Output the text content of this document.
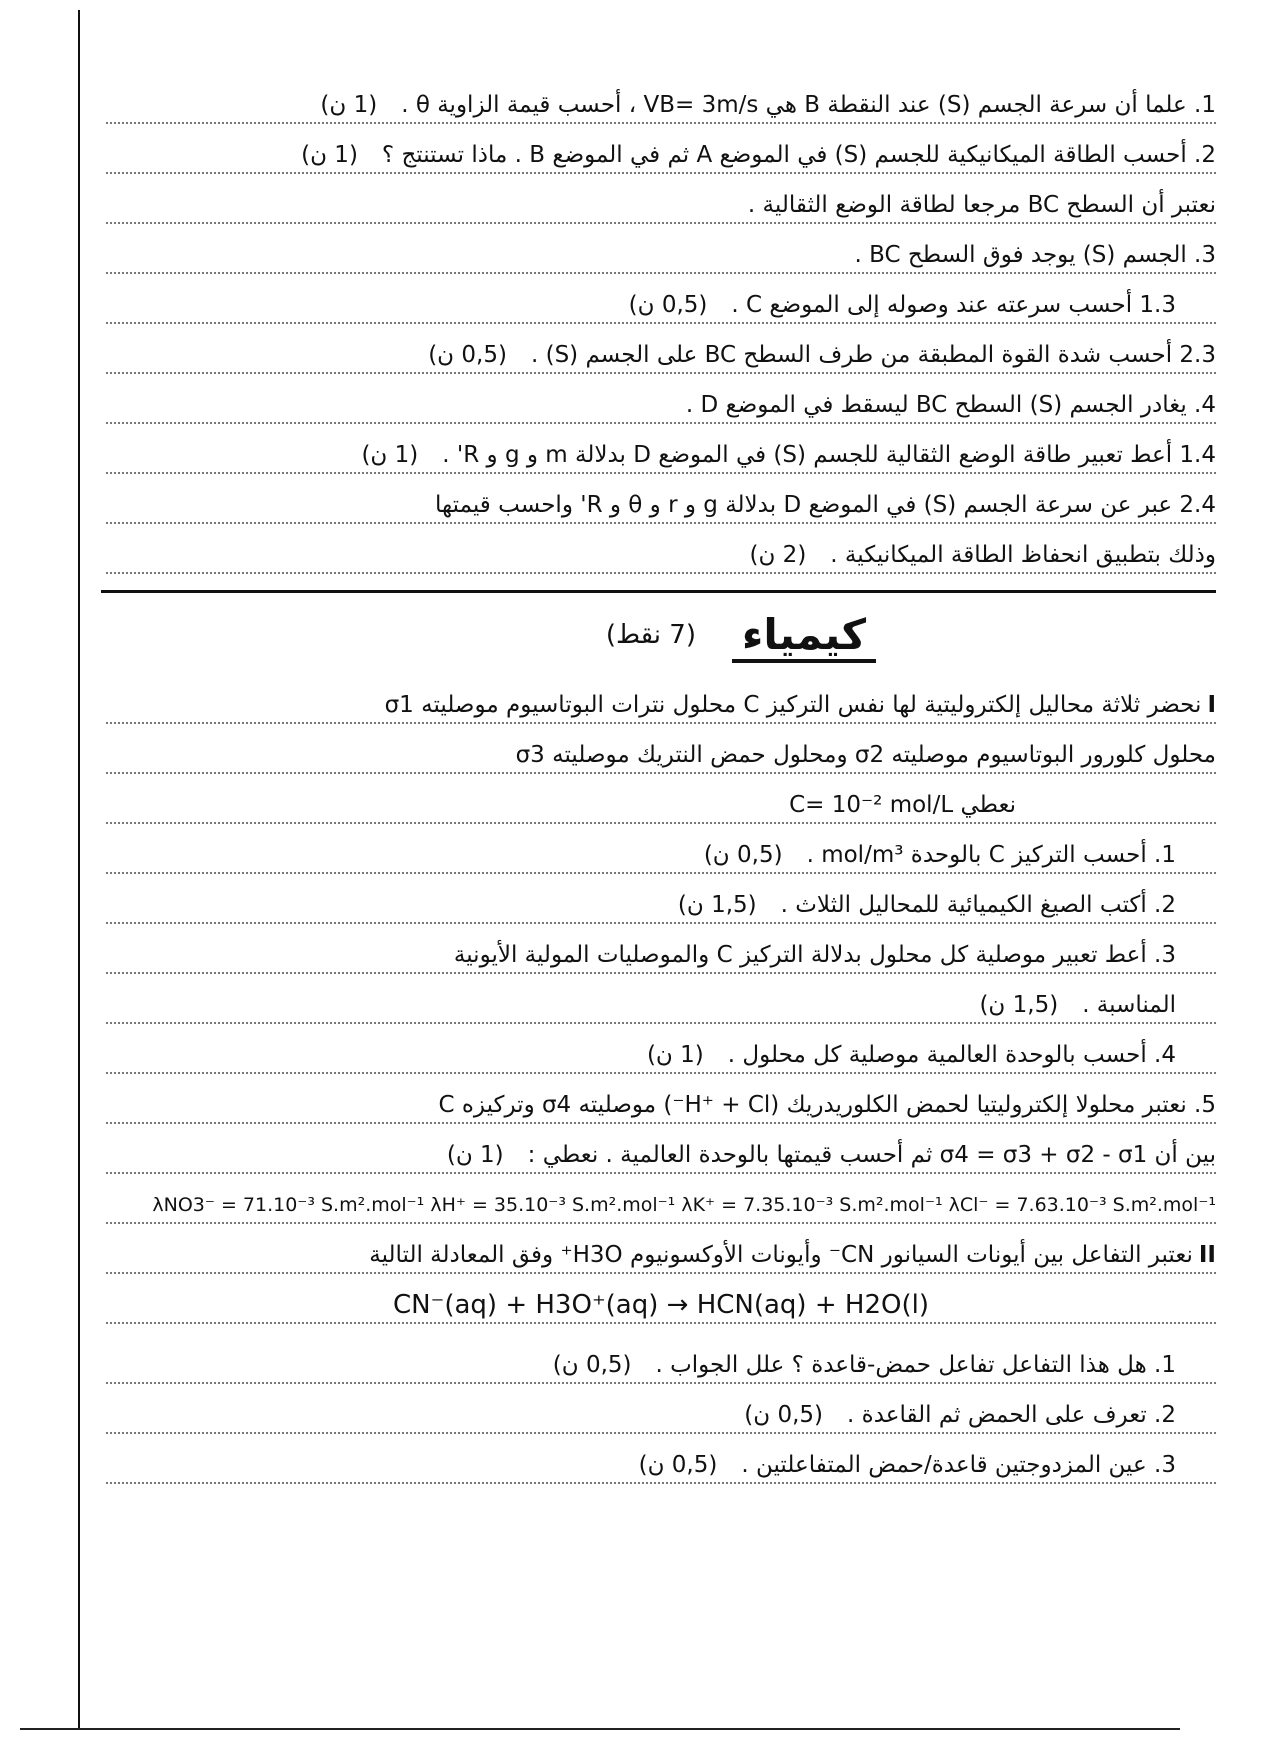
1.

علما أن سرعة الجسم (S) عند النقطة B هي VB= 3m/s ، أحسب قيمة الزاوية θ .
(1 ن)
2.

أحسب الطاقة الميكانيكية للجسم (S) في الموضع A ثم في الموضع B . ماذا تستنتج ؟
(1 ن)
نعتبر أن السطح BC مرجعا لطاقة الوضع الثقالية .
3.

الجسم (S) يوجد فوق السطح BC .
1.3

أحسب سرعته عند وصوله إلى الموضع C .
(0,5 ن)
2.3

أحسب شدة القوة المطبقة من طرف السطح BC على الجسم (S) .
(0,5 ن)
4.

يغادر الجسم (S) السطح BC ليسقط في الموضع D .
1.4

أعط تعبير طاقة الوضع الثقالية للجسم (S) في الموضع D بدلالة m و g و R' .
(1 ن)
2.4

عبر عن سرعة الجسم (S) في الموضع D بدلالة g و r و θ و R' واحسب قيمتها
وذلك بتطبيق انحفاظ الطاقة الميكانيكية .
(2 ن)
كيمياء
(7 نقط)
I
نحضر ثلاثة محاليل إلكتروليتية لها نفس التركيز C محلول نترات البوتاسيوم موصليته σ1
محلول كلورور البوتاسيوم موصليته σ2 ومحلول حمض النتريك موصليته σ3
نعطي C= 10⁻² mol/L
1.

أحسب التركيز C بالوحدة mol/m³ .
(0,5 ن)
2.

أكتب الصيغ الكيميائية للمحاليل الثلاث .
(1,5 ن)
3.

أعط تعبير موصلية كل محلول بدلالة التركيز C والموصليات المولية الأيونية
المناسبة .
(1,5 ن)
4.

أحسب بالوحدة العالمية موصلية كل محلول .
(1 ن)
5.

نعتبر محلولا إلكتروليتيا لحمض الكلوريدريك (H⁺ + Cl⁻) موصليته σ4 وتركيزه C
بين أن σ4 = σ3 + σ2 - σ1 ثم أحسب قيمتها بالوحدة العالمية . نعطي :
(1 ن)
λNO3⁻ = 71.10⁻³ S.m².mol⁻¹ λH⁺ = 35.10⁻³ S.m².mol⁻¹ λK⁺ = 7.35.10⁻³ S.m².mol⁻¹ λCl⁻ = 7.63.10⁻³ S.m².mol⁻¹
II
نعتبر التفاعل بين أيونات السيانور CN⁻ وأيونات الأوكسونيوم H3O⁺ وفق المعادلة التالية
CN⁻(aq) + H3O⁺(aq) → HCN(aq) + H2O(l)
1.

هل هذا التفاعل تفاعل حمض-قاعدة ؟ علل الجواب .
(0,5 ن)
2.

تعرف على الحمض ثم القاعدة .
(0,5 ن)
3.

عين المزدوجتين قاعدة/حمض المتفاعلتين .
(0,5 ن)
